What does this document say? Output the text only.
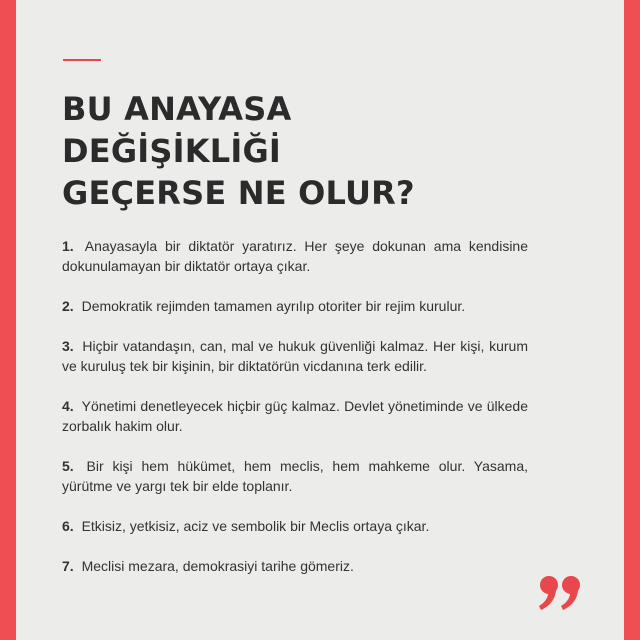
BU ANAYASA
DEĞİŞİKLİĞİ
GEÇERSE NE OLUR?

1. Anayasayla bir diktatör yaratırız. Her şeye dokunan ama kendisine dokunulamayan bir diktatör ortaya çıkar.

2. Demokratik rejimden tamamen ayrılıp otoriter bir rejim kurulur.

3. Hiçbir vatandaşın, can, mal ve hukuk güvenliği kalmaz. Her kişi, kurum ve kuruluş tek bir kişinin, bir diktatörün vicdanına terk edilir.

4. Yönetimi denetleyecek hiçbir güç kalmaz. Devlet yönetiminde ve ülkede zorbalık hakim olur.

5. Bir kişi hem hükümet, hem meclis, hem mahkeme olur. Yasama, yürütme ve yargı tek bir elde toplanır.

6. Etkisiz, yetkisiz, aciz ve sembolik bir Meclis ortaya çıkar.

7. Meclisi mezara, demokrasiyi tarihe gömeriz.
